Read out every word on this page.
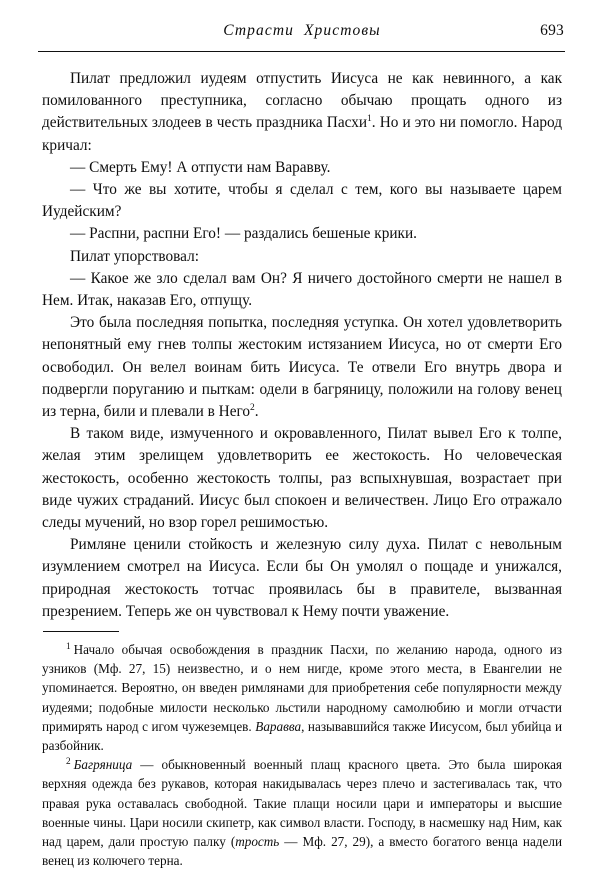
Страсти  Христовы	693

Пилат предложил иудеям отпустить Иисуса не как невинного, а как помилованного преступника, согласно обычаю прощать одного из действительных злодеев в честь праздника Пасхи$^1$. Но и это ни помогло. Народ кричал:

— Смерть Ему! А отпусти нам Варавву.

— Что же вы хотите, чтобы я сделал с тем, кого вы называете царем Иудейским?

— Распни, распни Его! — раздались бешеные крики.

Пилат упорствовал:

— Какое же зло сделал вам Он? Я ничего достойного смерти не нашел в Нем. Итак, наказав Его, отпущу.

Это была последняя попытка, последняя уступка. Он хотел удовлетворить непонятный ему гнев толпы жестоким истязанием Иисуса, но от смерти Его освободил. Он велел воинам бить Иисуса. Те отвели Его внутрь двора и подвергли поруганию и пыткам: одели в багряницу, положили на голову венец из терна, били и плевали в Него$^2$.

В таком виде, измученного и окровавленного, Пилат вывел Его к толпе, желая этим зрелищем удовлетворить ее жестокость. Но человеческая жестокость, особенно жестокость толпы, раз вспыхнувшая, возрастает при виде чужих страданий. Иисус был спокоен и величествен. Лицо Его отражало следы мучений, но взор горел решимостью.

Римляне ценили стойкость и железную силу духа. Пилат с невольным изумлением смотрел на Иисуса. Если бы Он умолял о пощаде и унижался, природная жестокость тотчас проявилась бы в правителе, вызванная презрением. Теперь же он чувствовал к Нему почти уважение.

$^1$ Начало обычая освобождения в праздник Пасхи, по желанию народа, одного из узников (Мф. 27, 15) неизвестно, и о нем нигде, кроме этого места, в Евангелии не упоминается. Вероятно, он введен римлянами для приобретения себе популярности между иудеями; подобные милости несколько льстили народному самолюбию и могли отчасти примирять народ с игом чужеземцев. Варавва, называвшийся также Иисусом, был убийца и разбойник.

$^2$ Багряница — обыкновенный военный плащ красного цвета. Это была широкая верхняя одежда без рукавов, которая накидывалась через плечо и застегивалась так, что правая рука оставалась свободной. Такие плащи носили цари и императоры и высшие военные чины. Цари носили скипетр, как символ власти. Господу, в насмешку над Ним, как над царем, дали простую палку (трость — Мф. 27, 29), а вместо богатого венца надели венец из колючего терна.
